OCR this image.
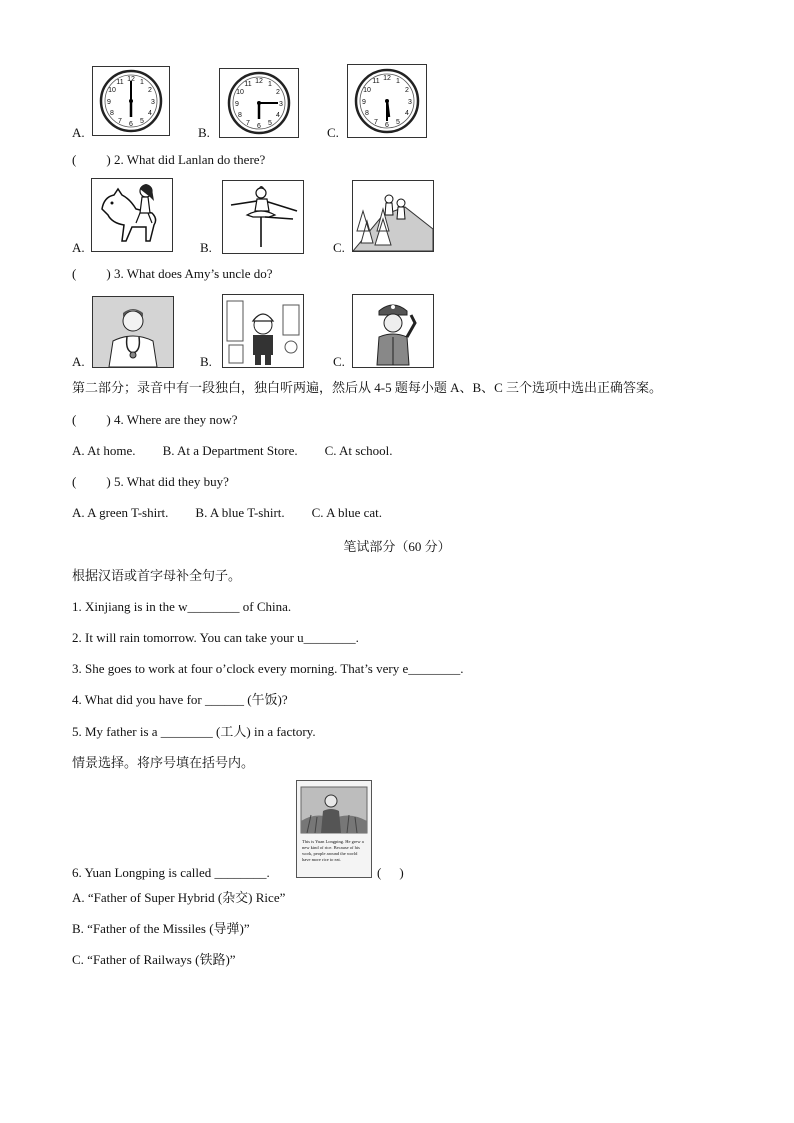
A.
12 1
2
3
4
5
6
7
8
9
10
11
B.
12 1
2
3
4
5
6
7
8
9
10
11
C.
12 1
2
3
4
5
6
7
8
9
10
11
( ) 2. What did Lanlan do there?
A.	B.	C.
( ) 3. What does Amy’s uncle do?
A.	B.	C.
第二部分；录音中有一段独白，独白听两遍，然后从 4-5 题每小题 A、B、C 三个选项中选出正确答案。
( ) 4. Where are they now?
A. At home. B. At a Department Store. C. At school.
( ) 5. What did they buy?
A. A green T-shirt. B. A blue T-shirt. C. A blue cat.
笔试部分（60 分）
根据汉语或首字母补全句子。
1. Xinjiang is in the w________ of China.
2. It will rain tomorrow. You can take your u________.
3. She goes to work at four o’clock every morning. That’s very e________.
4. What did you have for ______ (午饭)?
5. My father is a ________ (工人) in a factory.
情景选择。将序号填在括号内。
This is Yuan Longping. He grew a new kind of rice. Because of his work, people around the world have more rice to eat.
6. Yuan Longping is called ________.	( )
A. “Father of Super Hybrid (杂交) Rice”
B. “Father of the Missiles (导弹)”
C. “Father of Railways (铁路)”
